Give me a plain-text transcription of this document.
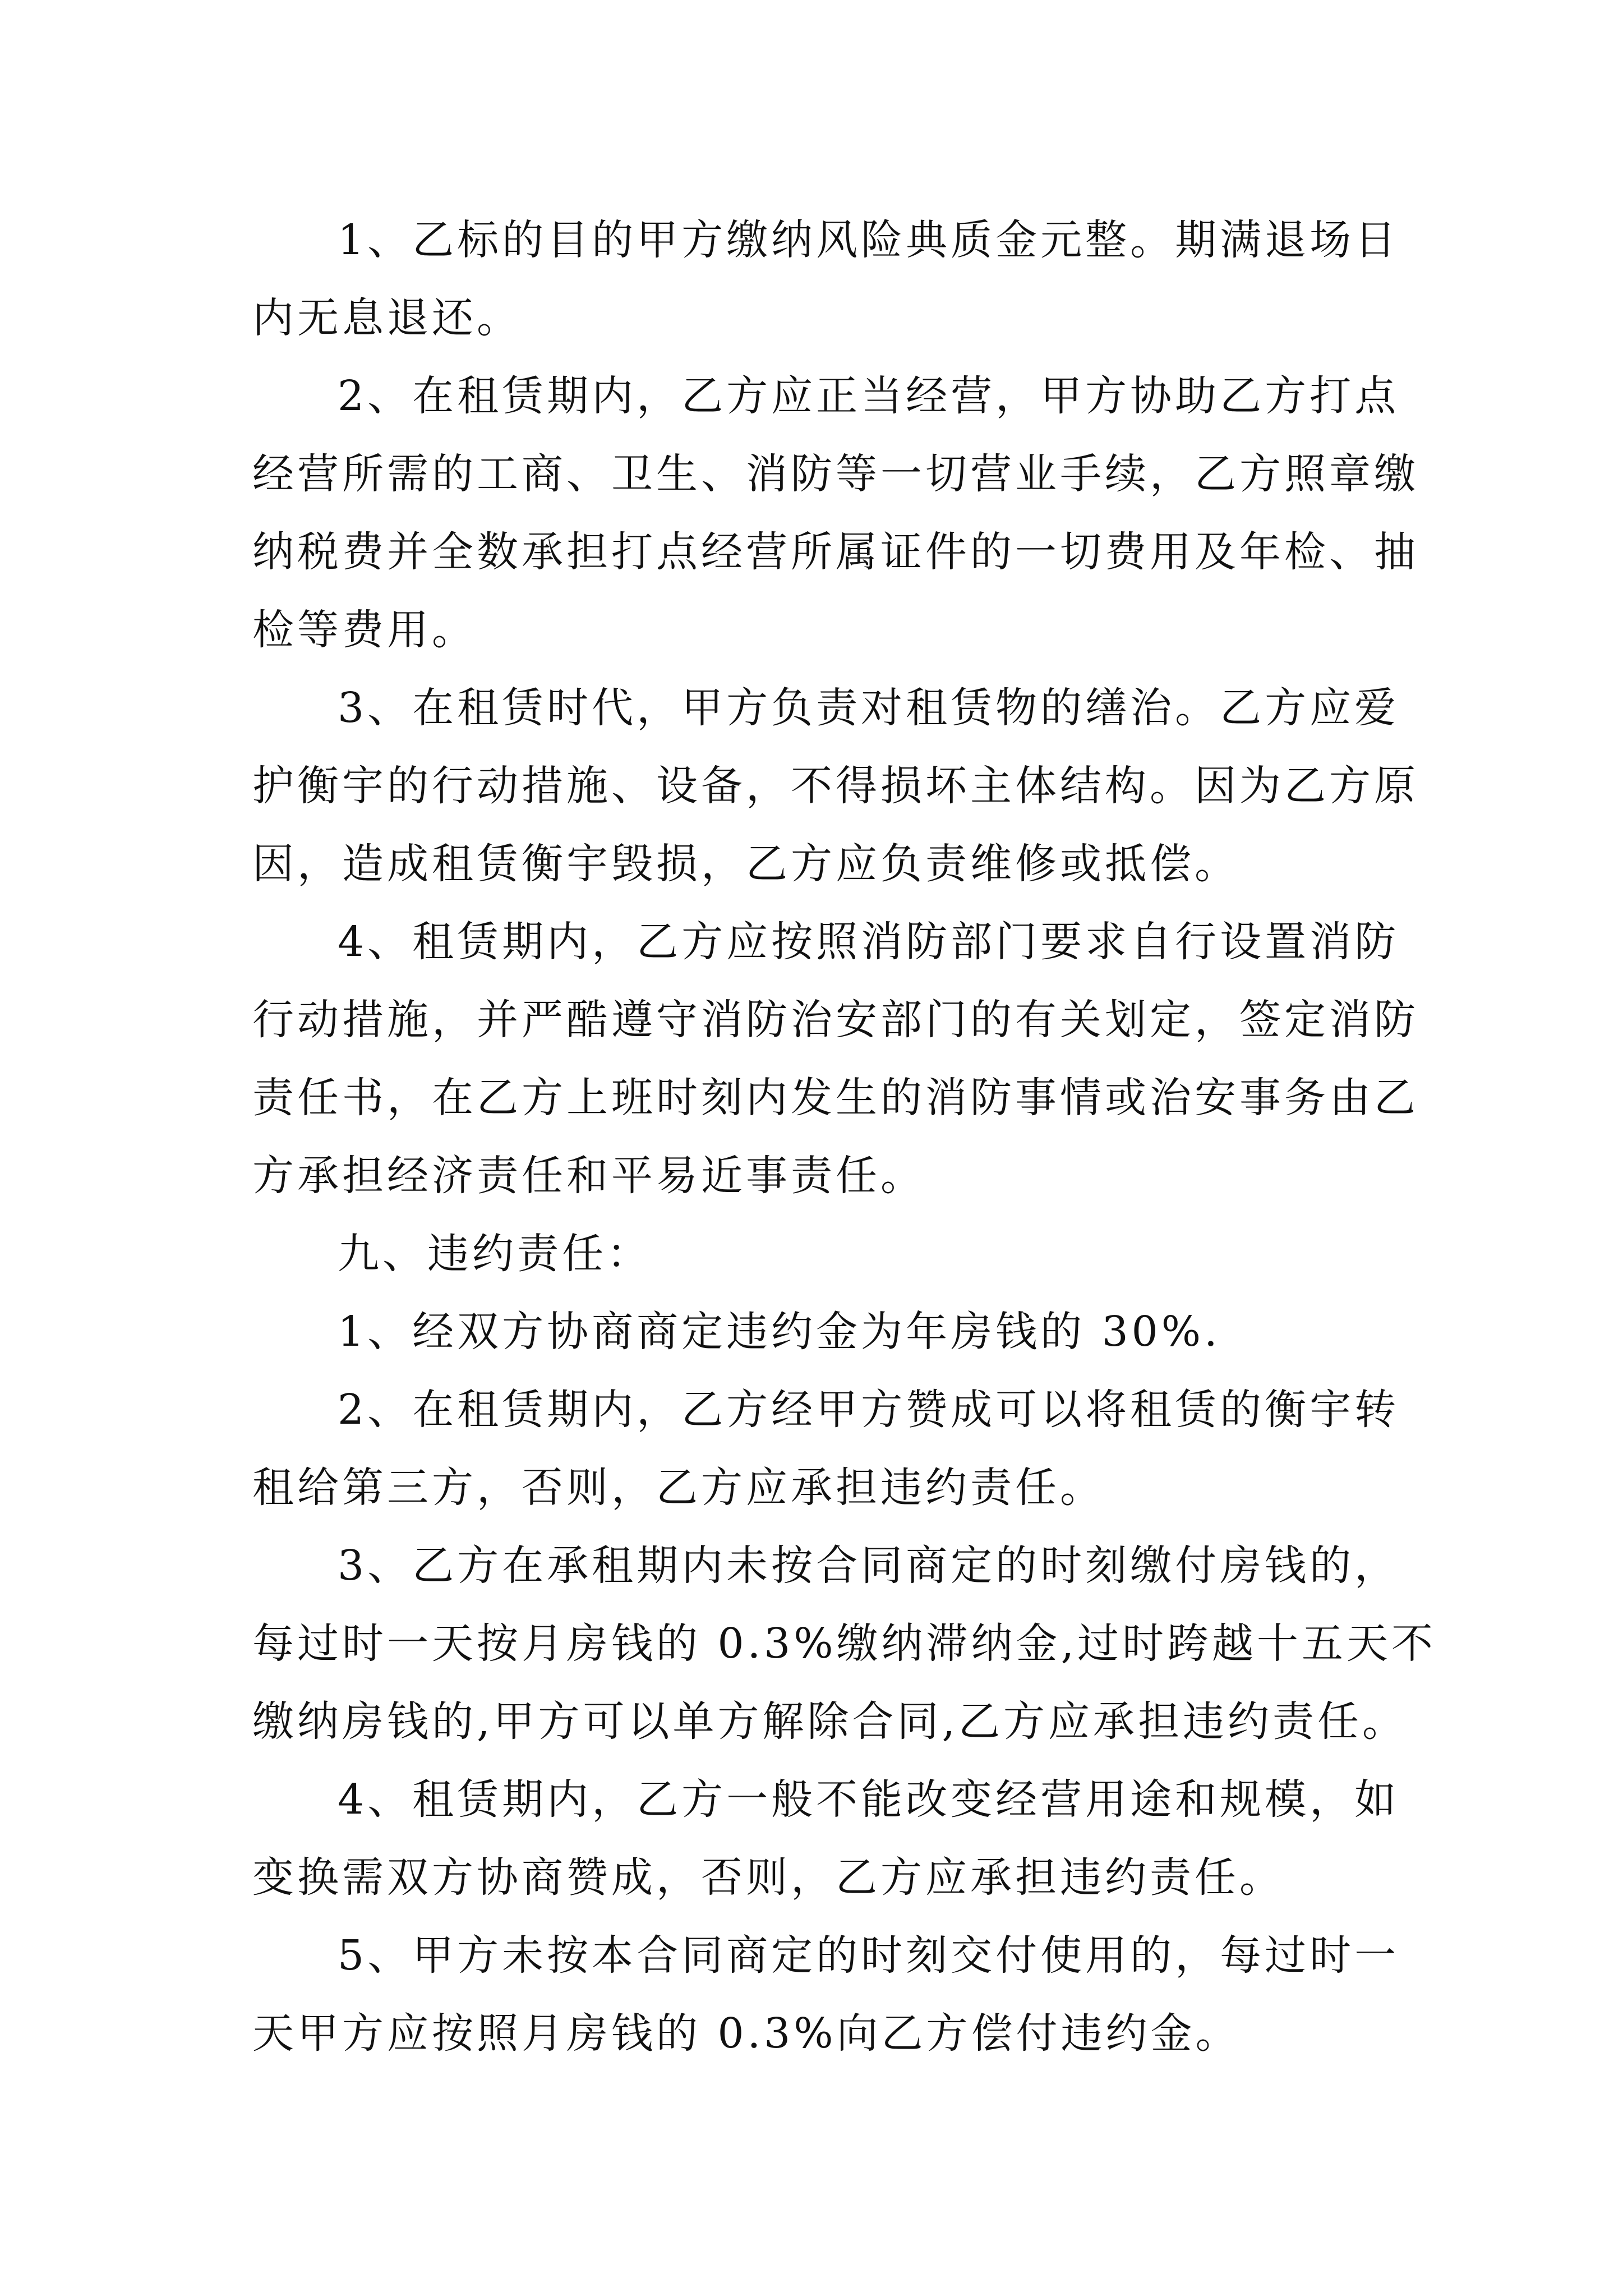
1、乙标的目的甲方缴纳风险典质金元整。期满退场日
内无息退还。
2、在租赁期内，乙方应正当经营，甲方协助乙方打点
经营所需的工商、卫生、消防等一切营业手续，乙方照章缴
纳税费并全数承担打点经营所属证件的一切费用及年检、抽
检等费用。
3、在租赁时代，甲方负责对租赁物的缮治。乙方应爱
护衡宇的行动措施、设备，不得损坏主体结构。因为乙方原
因，造成租赁衡宇毁损，乙方应负责维修或抵偿。
4、租赁期内，乙方应按照消防部门要求自行设置消防
行动措施，并严酷遵守消防治安部门的有关划定，签定消防
责任书，在乙方上班时刻内发生的消防事情或治安事务由乙
方承担经济责任和平易近事责任。
九、违约责任：
1、经双方协商商定违约金为年房钱的 30%.
2、在租赁期内，乙方经甲方赞成可以将租赁的衡宇转
租给第三方，否则，乙方应承担违约责任。
3、乙方在承租期内未按合同商定的时刻缴付房钱的，
每过时一天按月房钱的 0.3%缴纳滞纳金,过时跨越十五天不
缴纳房钱的,甲方可以单方解除合同,乙方应承担违约责任。
4、租赁期内，乙方一般不能改变经营用途和规模，如
变换需双方协商赞成，否则，乙方应承担违约责任。
5、甲方未按本合同商定的时刻交付使用的，每过时一
天甲方应按照月房钱的 0.3%向乙方偿付违约金。
